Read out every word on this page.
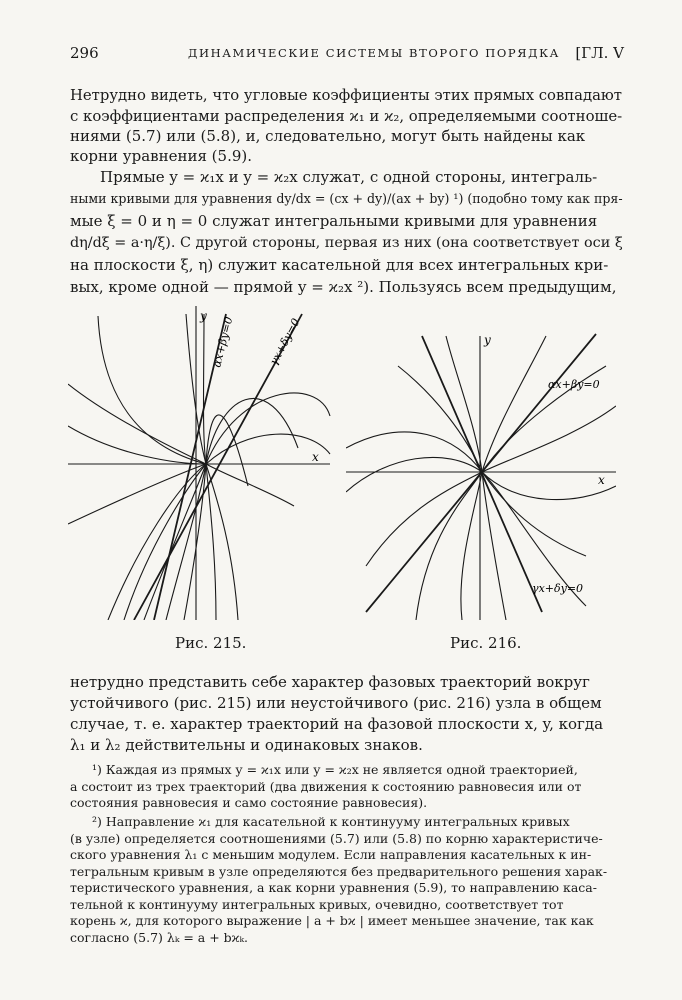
296	ДИНАМИЧЕСКИЕ СИСТЕМЫ ВТОРОГО ПОРЯДКА [ГЛ. V

Нетрудно видеть, что угловые коэффициенты этих прямых совпадают
с коэффициентами распределения ϰ₁ и ϰ₂, определяемыми соотноше-
ниями (5.7) или (5.8), и, следовательно, могут быть найдены как
корни уравнения (5.9).

Прямые y = ϰ₁x и y = ϰ₂x служат, с одной стороны, интеграль-
ными кривыми для уравнения dy/dx = (cx + dy)/(ax + by) ¹) (подобно тому как пря-
мые ξ = 0 и η = 0 служат интегральными кривыми для уравнения
dη/dξ = a·η/ξ). С другой стороны, первая из них (она соответствует оси ξ
на плоскости ξ, η) служит касательной для всех интегральных кри-
вых, кроме одной — прямой y = ϰ₂x ²). Пользуясь всем предыдущим,

x
y αx+βy=0	γx+δy=0
Рис. 215.
x
y
αx+βy=0
γx+δy=0
Рис. 216.

нетрудно представить себе характер фазовых траекторий вокруг
устойчивого (рис. 215) или неустойчивого (рис. 216) узла в общем
случае, т. е. характер траекторий на фазовой плоскости x, y, когда
λ₁ и λ₂ действительны и одинаковых знаков.

¹) Каждая из прямых y = ϰ₁x или y = ϰ₂x не является одной траекторией,
а состоит из трех траекторий (два движения к состоянию равновесия или от
состояния равновесия и само состояние равновесия).

²) Направление ϰ₁ для касательной к континууму интегральных кривых
(в узле) определяется соотношениями (5.7) или (5.8) по корню характеристиче-
ского уравнения λ₁ с меньшим модулем. Если направления касательных к ин-
тегральным кривым в узле определяются без предварительного решения харак-
теристического уравнения, а как корни уравнения (5.9), то направлению каса-
тельной к континууму интегральных кривых, очевидно, соответствует тот
корень ϰ, для которого выражение | a + bϰ | имеет меньшее значение, так как
согласно (5.7) λₖ = a + bϰₖ.
